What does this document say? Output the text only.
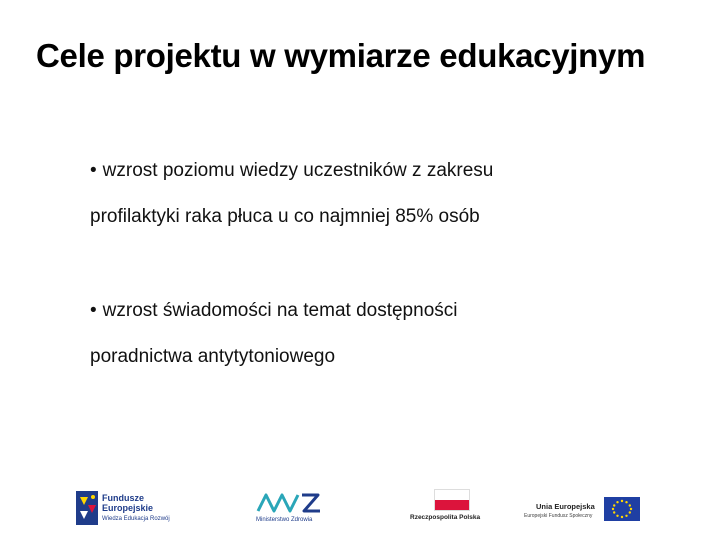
Cele projektu w wymiarze edukacyjnym
• wzrost poziomu wiedzy uczestników z zakresu
profilaktyki raka płuca u co najmniej 85% osób
• wzrost świadomości na temat dostępności
poradnictwa antytytoniowego
Fundusze
Europejskie
Wiedza Edukacja Rozwój	Ministerstwo Zdrowia	Rzeczpospolita Polska
Unia Europejska
Europejski Fundusz Społeczny
